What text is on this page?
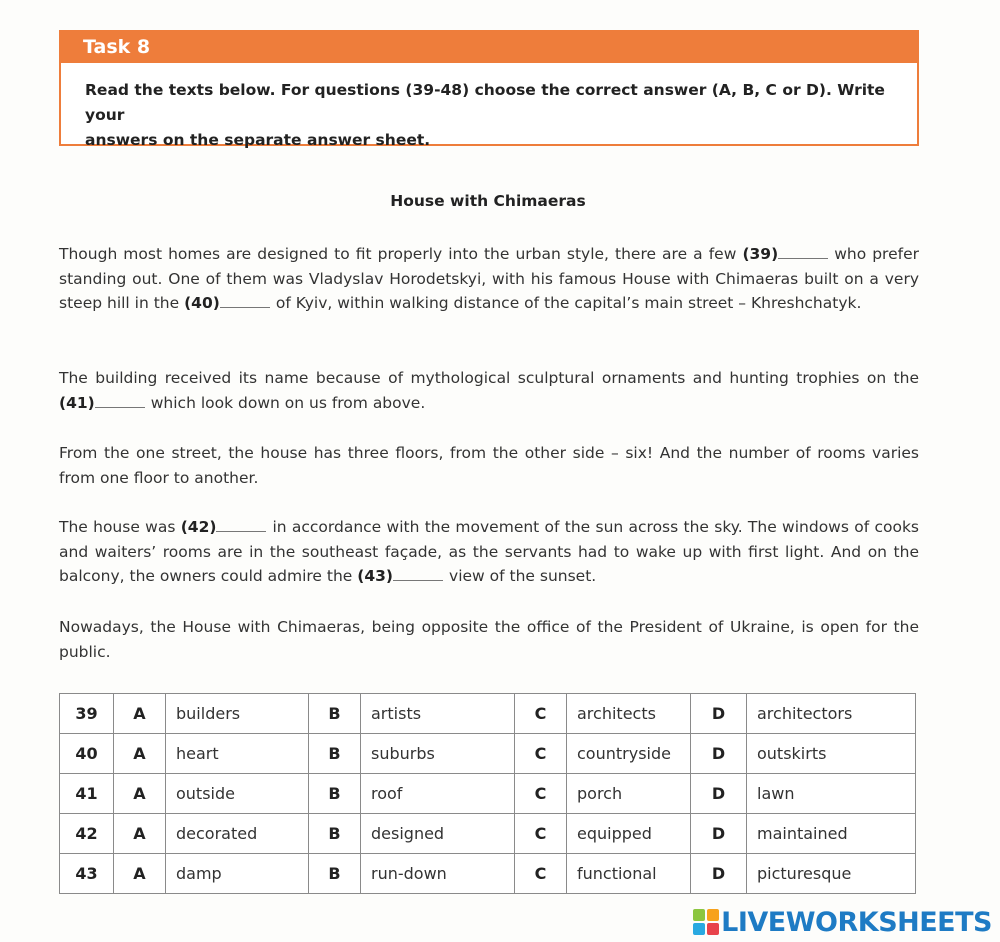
Task 8
Read the texts below. For questions (39-48) choose the correct answer (A, B, C or D). Write your
answers on the separate answer sheet.
House with Chimaeras

Though most homes are designed to fit properly into the urban style, there are a few (39)	who prefer standing out. One of them was Vladyslav Horodetskyi, with his famous House with Chimaeras built on a very steep hill in the (40)	of Kyiv, within walking distance of the capital’s main street – Khreshchatyk.

The building received its name because of mythological sculptural ornaments and hunting trophies on the (41)	which look down on us from above.

From the one street, the house has three floors, from the other side – six! And the number of rooms varies from one floor to another.

The house was (42)	in accordance with the movement of the sun across the sky. The windows of cooks and waiters’ rooms are in the southeast façade, as the servants had to wake up with first light. And on the balcony, the owners could admire the (43)	view of the sunset.

Nowadays, the House with Chimaeras, being opposite the office of the President of Ukraine, is open for the public.

39	A	builders	B	artists	C	architects	D	architectors
40	A	heart	B	suburbs	C	countryside	D	outskirts
41	A	outside	B	roof	C	porch	D	lawn
42	A	decorated	B	designed	C	equipped	D	maintained
43	A	damp	B	run-down	C	functional	D	picturesque
LIVEWORKSHEETS
